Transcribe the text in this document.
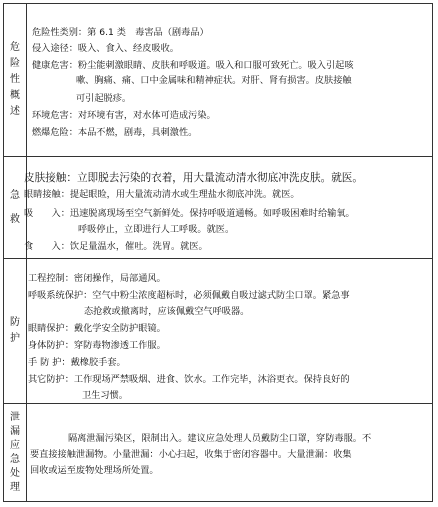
危
险
性
概
述
危险性类别：第 6.1 类　毒害品（剧毒品）
侵入途径：吸入、食入、经皮吸收。
健康危害：粉尘能刺激眼睛、皮肤和呼吸道。吸入和口服可致死亡。吸入引起咳
嗽、胸痛、痛、口中金属味和精神症状。对肝、肾有损害。皮肤接触
可引起脱疹。
环境危害：对环境有害，对水体可造成污染。
燃爆危险：本品不燃，剧毒，具刺激性。
急
救
皮肤接触：立即脱去污染的衣着，用大量流动清水彻底冲洗皮肤。就医。
眼睛接触：提起眼睑，用大量流动清水或生理盐水彻底冲洗。就医。
吸　　入：迅速脱离现场至空气新鲜处。保持呼吸道通畅。如呼吸困难时给输氧。
呼吸停止，立即进行人工呼吸。就医。
食　　入：饮足量温水，催吐。洗胃。就医。
防
护
工程控制：密闭操作，局部通风。
呼吸系统保护：空气中粉尘浓度超标时，必须佩戴自吸过滤式防尘口罩。紧急事
态抢救或撤离时，应该佩戴空气呼吸器。
眼睛保护：戴化学安全防护眼镜。
身体防护：穿防毒物渗透工作服。
手 防 护：戴橡胶手套。
其它防护：工作现场严禁吸烟、进食、饮水。工作完毕，沐浴更衣。保持良好的
卫生习惯。
泄
漏
应
急
处
理
隔离泄漏污染区，限制出入。建议应急处理人员戴防尘口罩，穿防毒服。不
要直接接触泄漏物。小量泄漏：小心扫起，收集于密闭容器中。大量泄漏：收集
回收或运至废物处理场所处置。
